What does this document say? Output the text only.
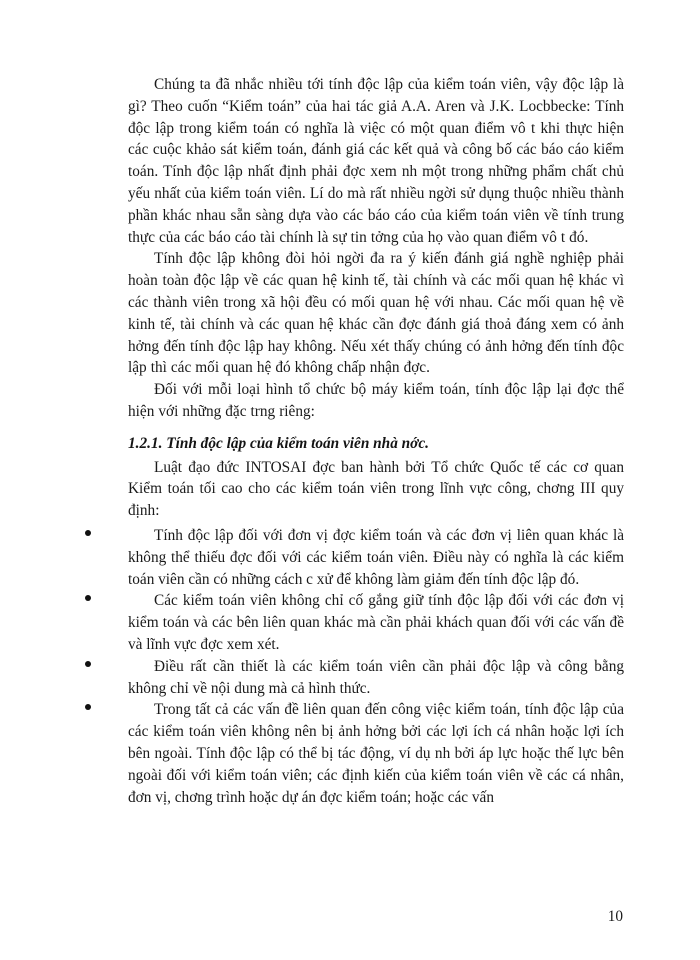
Chúng ta đã nhắc nhiều tới tính độc lập của kiểm toán viên, vậy độc lập là gì? Theo cuốn “Kiểm toán” của hai tác giả A.A. Aren và J.K. Locbbecke: Tính độc lập trong kiểm toán có nghĩa là việc có một quan điểm vô t khi thực hiện các cuộc khảo sát kiểm toán, đánh giá các kết quả và công bố các báo cáo kiểm toán. Tính độc lập nhất định phải đợc xem nh một trong những phẩm chất chủ yếu nhất của kiểm toán viên. Lí do mà rất nhiều ngời sử dụng thuộc nhiều thành phần khác nhau sẵn sàng dựa vào các báo cáo của kiểm toán viên về tính trung thực của các báo cáo tài chính là sự tin tởng của họ vào quan điểm vô t đó.

Tính độc lập không đòi hỏi ngời đa ra ý kiến đánh giá nghề nghiệp phải hoàn toàn độc lập về các quan hệ kinh tế, tài chính và các mối quan hệ khác vì các thành viên trong xã hội đều có mối quan hệ với nhau. Các mối quan hệ về kinh tế, tài chính và các quan hệ khác cần đợc đánh giá thoả đáng xem có ảnh hởng đến tính độc lập hay không. Nếu xét thấy chúng có ảnh hởng đến tính độc lập thì các mối quan hệ đó không chấp nhận đợc.

Đối với mỗi loại hình tổ chức bộ máy kiểm toán, tính độc lập lại đợc thể hiện với những đặc trng riêng:

1.2.1. Tính độc lập của kiểm toán viên nhà nớc.

Luật đạo đức INTOSAI đợc ban hành bởi Tổ chức Quốc tế các cơ quan Kiểm toán tối cao cho các kiểm toán viên trong lĩnh vực công, chơng III quy định:

Tính độc lập đối với đơn vị đợc kiểm toán và các đơn vị liên quan khác là không thể thiếu đợc đối với các kiểm toán viên. Điều này có nghĩa là các kiểm toán viên cần có những cách c xử để không làm giảm đến tính độc lập đó.
Các kiểm toán viên không chỉ cố gắng giữ tính độc lập đối với các đơn vị kiểm toán và các bên liên quan khác mà cần phải khách quan đối với các vấn đề và lĩnh vực đợc xem xét.
Điều rất cần thiết là các kiểm toán viên cần phải độc lập và công bằng không chỉ về nội dung mà cả hình thức.
Trong tất cả các vấn đề liên quan đến công việc kiểm toán, tính độc lập của các kiểm toán viên không nên bị ảnh hởng bởi các lợi ích cá nhân hoặc lợi ích bên ngoài. Tính độc lập có thể bị tác động, ví dụ nh bởi áp lực hoặc thế lực bên ngoài đối với kiểm toán viên; các định kiến của kiểm toán viên về các cá nhân, đơn vị, chơng trình hoặc dự án đợc kiểm toán; hoặc các vấn
10
